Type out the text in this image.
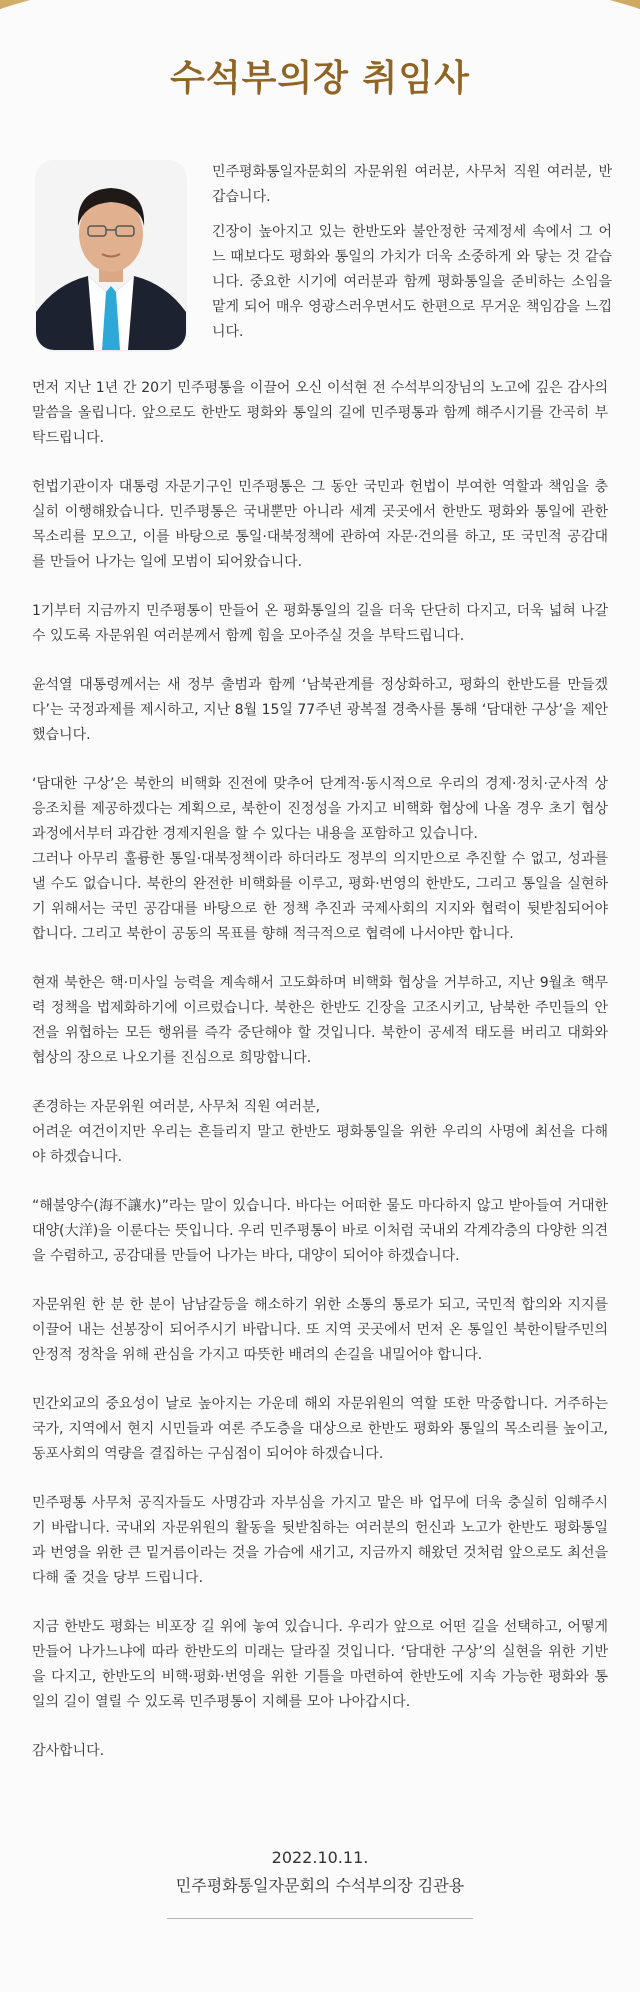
수석부의장 취임사

민주평화통일자문회의 자문위원 여러분, 사무처 직원 여러분, 반갑습니다.

긴장이 높아지고 있는 한반도와 불안정한 국제정세 속에서 그 어느 때보다도 평화와 통일의 가치가 더욱 소중하게 와 닿는 것 같습니다. 중요한 시기에 여러분과 함께 평화통일을 준비하는 소임을 맡게 되어 매우 영광스러우면서도 한편으로 무거운 책임감을 느낍니다.

먼저 지난 1년 간 20기 민주평통을 이끌어 오신 이석현 전 수석부의장님의 노고에 깊은 감사의 말씀을 올립니다. 앞으로도 한반도 평화와 통일의 길에 민주평통과 함께 해주시기를 간곡히 부탁드립니다.

헌법기관이자 대통령 자문기구인 민주평통은 그 동안 국민과 헌법이 부여한 역할과 책임을 충실히 이행해왔습니다. 민주평통은 국내뿐만 아니라 세계 곳곳에서 한반도 평화와 통일에 관한 목소리를 모으고, 이를 바탕으로 통일·대북정책에 관하여 자문·건의를 하고, 또 국민적 공감대를 만들어 나가는 일에 모범이 되어왔습니다.

1기부터 지금까지 민주평통이 만들어 온 평화통일의 길을 더욱 단단히 다지고, 더욱 넓혀 나갈 수 있도록 자문위원 여러분께서 함께 힘을 모아주실 것을 부탁드립니다.

윤석열 대통령께서는 새 정부 출범과 함께 ‘남북관계를 정상화하고, 평화의 한반도를 만들겠다’는 국정과제를 제시하고, 지난 8월 15일 77주년 광복절 경축사를 통해 ‘담대한 구상’을 제안했습니다.

‘담대한 구상’은 북한의 비핵화 진전에 맞추어 단계적·동시적으로 우리의 경제·정치·군사적 상응조치를 제공하겠다는 계획으로, 북한이 진정성을 가지고 비핵화 협상에 나올 경우 초기 협상 과정에서부터 과감한 경제지원을 할 수 있다는 내용을 포함하고 있습니다.

그러나 아무리 훌륭한 통일·대북정책이라 하더라도 정부의 의지만으로 추진할 수 없고, 성과를 낼 수도 없습니다. 북한의 완전한 비핵화를 이루고, 평화·번영의 한반도, 그리고 통일을 실현하기 위해서는 국민 공감대를 바탕으로 한 정책 추진과 국제사회의 지지와 협력이 뒷받침되어야 합니다. 그리고 북한이 공동의 목표를 향해 적극적으로 협력에 나서야만 합니다.

현재 북한은 핵·미사일 능력을 계속해서 고도화하며 비핵화 협상을 거부하고, 지난 9월초 핵무력 정책을 법제화하기에 이르렀습니다. 북한은 한반도 긴장을 고조시키고, 남북한 주민들의 안전을 위협하는 모든 행위를 즉각 중단해야 할 것입니다. 북한이 공세적 태도를 버리고 대화와 협상의 장으로 나오기를 진심으로 희망합니다.

존경하는 자문위원 여러분, 사무처 직원 여러분,

어려운 여건이지만 우리는 흔들리지 말고 한반도 평화통일을 위한 우리의 사명에 최선을 다해야 하겠습니다.

“해불양수(海不讓水)”라는 말이 있습니다. 바다는 어떠한 물도 마다하지 않고 받아들여 거대한 대양(大洋)을 이룬다는 뜻입니다. 우리 민주평통이 바로 이처럼 국내외 각계각층의 다양한 의견을 수렴하고, 공감대를 만들어 나가는 바다, 대양이 되어야 하겠습니다.

자문위원 한 분 한 분이 남남갈등을 해소하기 위한 소통의 통로가 되고, 국민적 합의와 지지를 이끌어 내는 선봉장이 되어주시기 바랍니다. 또 지역 곳곳에서 먼저 온 통일인 북한이탈주민의 안정적 정착을 위해 관심을 가지고 따뜻한 배려의 손길을 내밀어야 합니다.

민간외교의 중요성이 날로 높아지는 가운데 해외 자문위원의 역할 또한 막중합니다. 거주하는 국가, 지역에서 현지 시민들과 여론 주도층을 대상으로 한반도 평화와 통일의 목소리를 높이고, 동포사회의 역량을 결집하는 구심점이 되어야 하겠습니다.

민주평통 사무처 공직자들도 사명감과 자부심을 가지고 맡은 바 업무에 더욱 충실히 임해주시기 바랍니다. 국내외 자문위원의 활동을 뒷받침하는 여러분의 헌신과 노고가 한반도 평화통일과 번영을 위한 큰 밑거름이라는 것을 가슴에 새기고, 지금까지 해왔던 것처럼 앞으로도 최선을 다해 줄 것을 당부 드립니다.

지금 한반도 평화는 비포장 길 위에 놓여 있습니다. 우리가 앞으로 어떤 길을 선택하고, 어떻게 만들어 나가느냐에 따라 한반도의 미래는 달라질 것입니다. ‘담대한 구상’의 실현을 위한 기반을 다지고, 한반도의 비핵·평화·번영을 위한 기틀을 마련하여 한반도에 지속 가능한 평화와 통일의 길이 열릴 수 있도록 민주평통이 지혜를 모아 나아갑시다.

감사합니다.

2022.10.11.
민주평화통일자문회의 수석부의장 김관용
